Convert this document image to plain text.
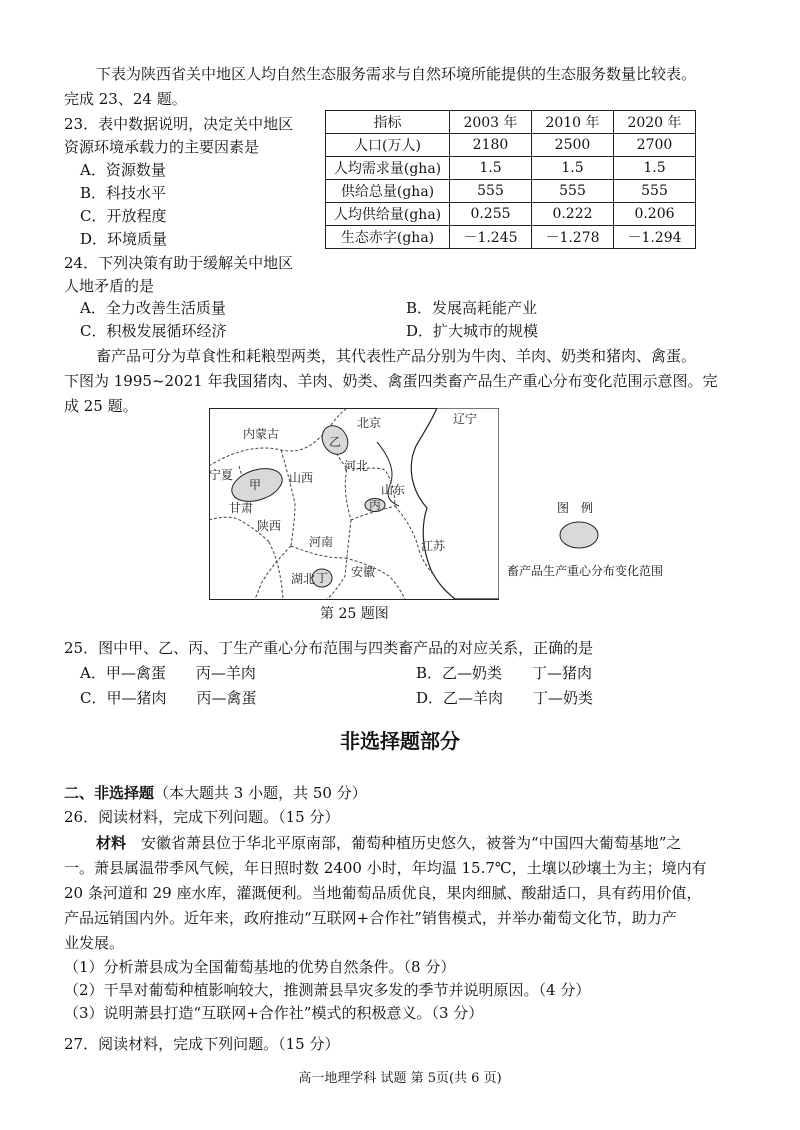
下表为陕西省关中地区人均自然生态服务需求与自然环境所能提供的生态服务数量比较表。
完成 23、24 题。
23．表中数据说明，决定关中地区
资源环境承载力的主要因素是
A．资源数量
B．科技水平
C．开放程度
D．环境质量
指标	2003 年	2010 年	2020 年
人口(万人)	2180	2500	2700
人均需求量(gha)	1.5	1.5	1.5
供给总量(gha)	555	555	555
人均供给量(gha)	0.255	0.222	0.206
生态赤字(gha)	－1.245	－1.278	－1.294
24．下列决策有助于缓解关中地区
人地矛盾的是
A．全力改善生活质量	B．发展高耗能产业
C．积极发展循环经济	D．扩大城市的规模
畜产品可分为草食性和耗粮型两类，其代表性产品分别为牛肉、羊肉、奶类和猪肉、禽蛋。
下图为 1995~2021 年我国猪肉、羊肉、奶类、禽蛋四类畜产品生产重心分布变化范围示意图。完
成 25 题。
辽宁
内蒙古
北京
乙
河北
宁夏
甲 山西
山东
甘肃	丙
陕西
河南	江苏
湖北 丁 安徽
第 25 题图
图　例
畜产品生产重心分布变化范围
25．图中甲、乙、丙、丁生产重心分布范围与四类畜产品的对应关系，正确的是
A．甲—禽蛋　　丙—羊肉	B．乙—奶类　　丁—猪肉
C．甲—猪肉　　丙—禽蛋	D．乙—羊肉　　丁—奶类
非选择题部分
二、非选择题（本大题共 3 小题，共 50 分）
26．阅读材料，完成下列问题。（15 分）
材料　 安徽省萧县位于华北平原南部，葡萄种植历史悠久，被誉为“中国四大葡萄基地”之
一。萧县属温带季风气候，年日照时数 2400 小时，年均温 15.7℃，土壤以砂壤土为主；境内有
20 条河道和 29 座水库，灌溉便利。当地葡萄品质优良，果肉细腻、酸甜适口，具有药用价值，
产品远销国内外。近年来，政府推动“互联网+合作社”销售模式，并举办葡萄文化节，助力产
业发展。
（1）分析萧县成为全国葡萄基地的优势自然条件。（8 分）
（2）干旱对葡萄种植影响较大，推测萧县旱灾多发的季节并说明原因。（4 分）
（3）说明萧县打造“互联网+合作社”模式的积极意义。（3 分）
27．阅读材料，完成下列问题。（15 分）
高一地理学科 试题 第 5页(共 6 页)
